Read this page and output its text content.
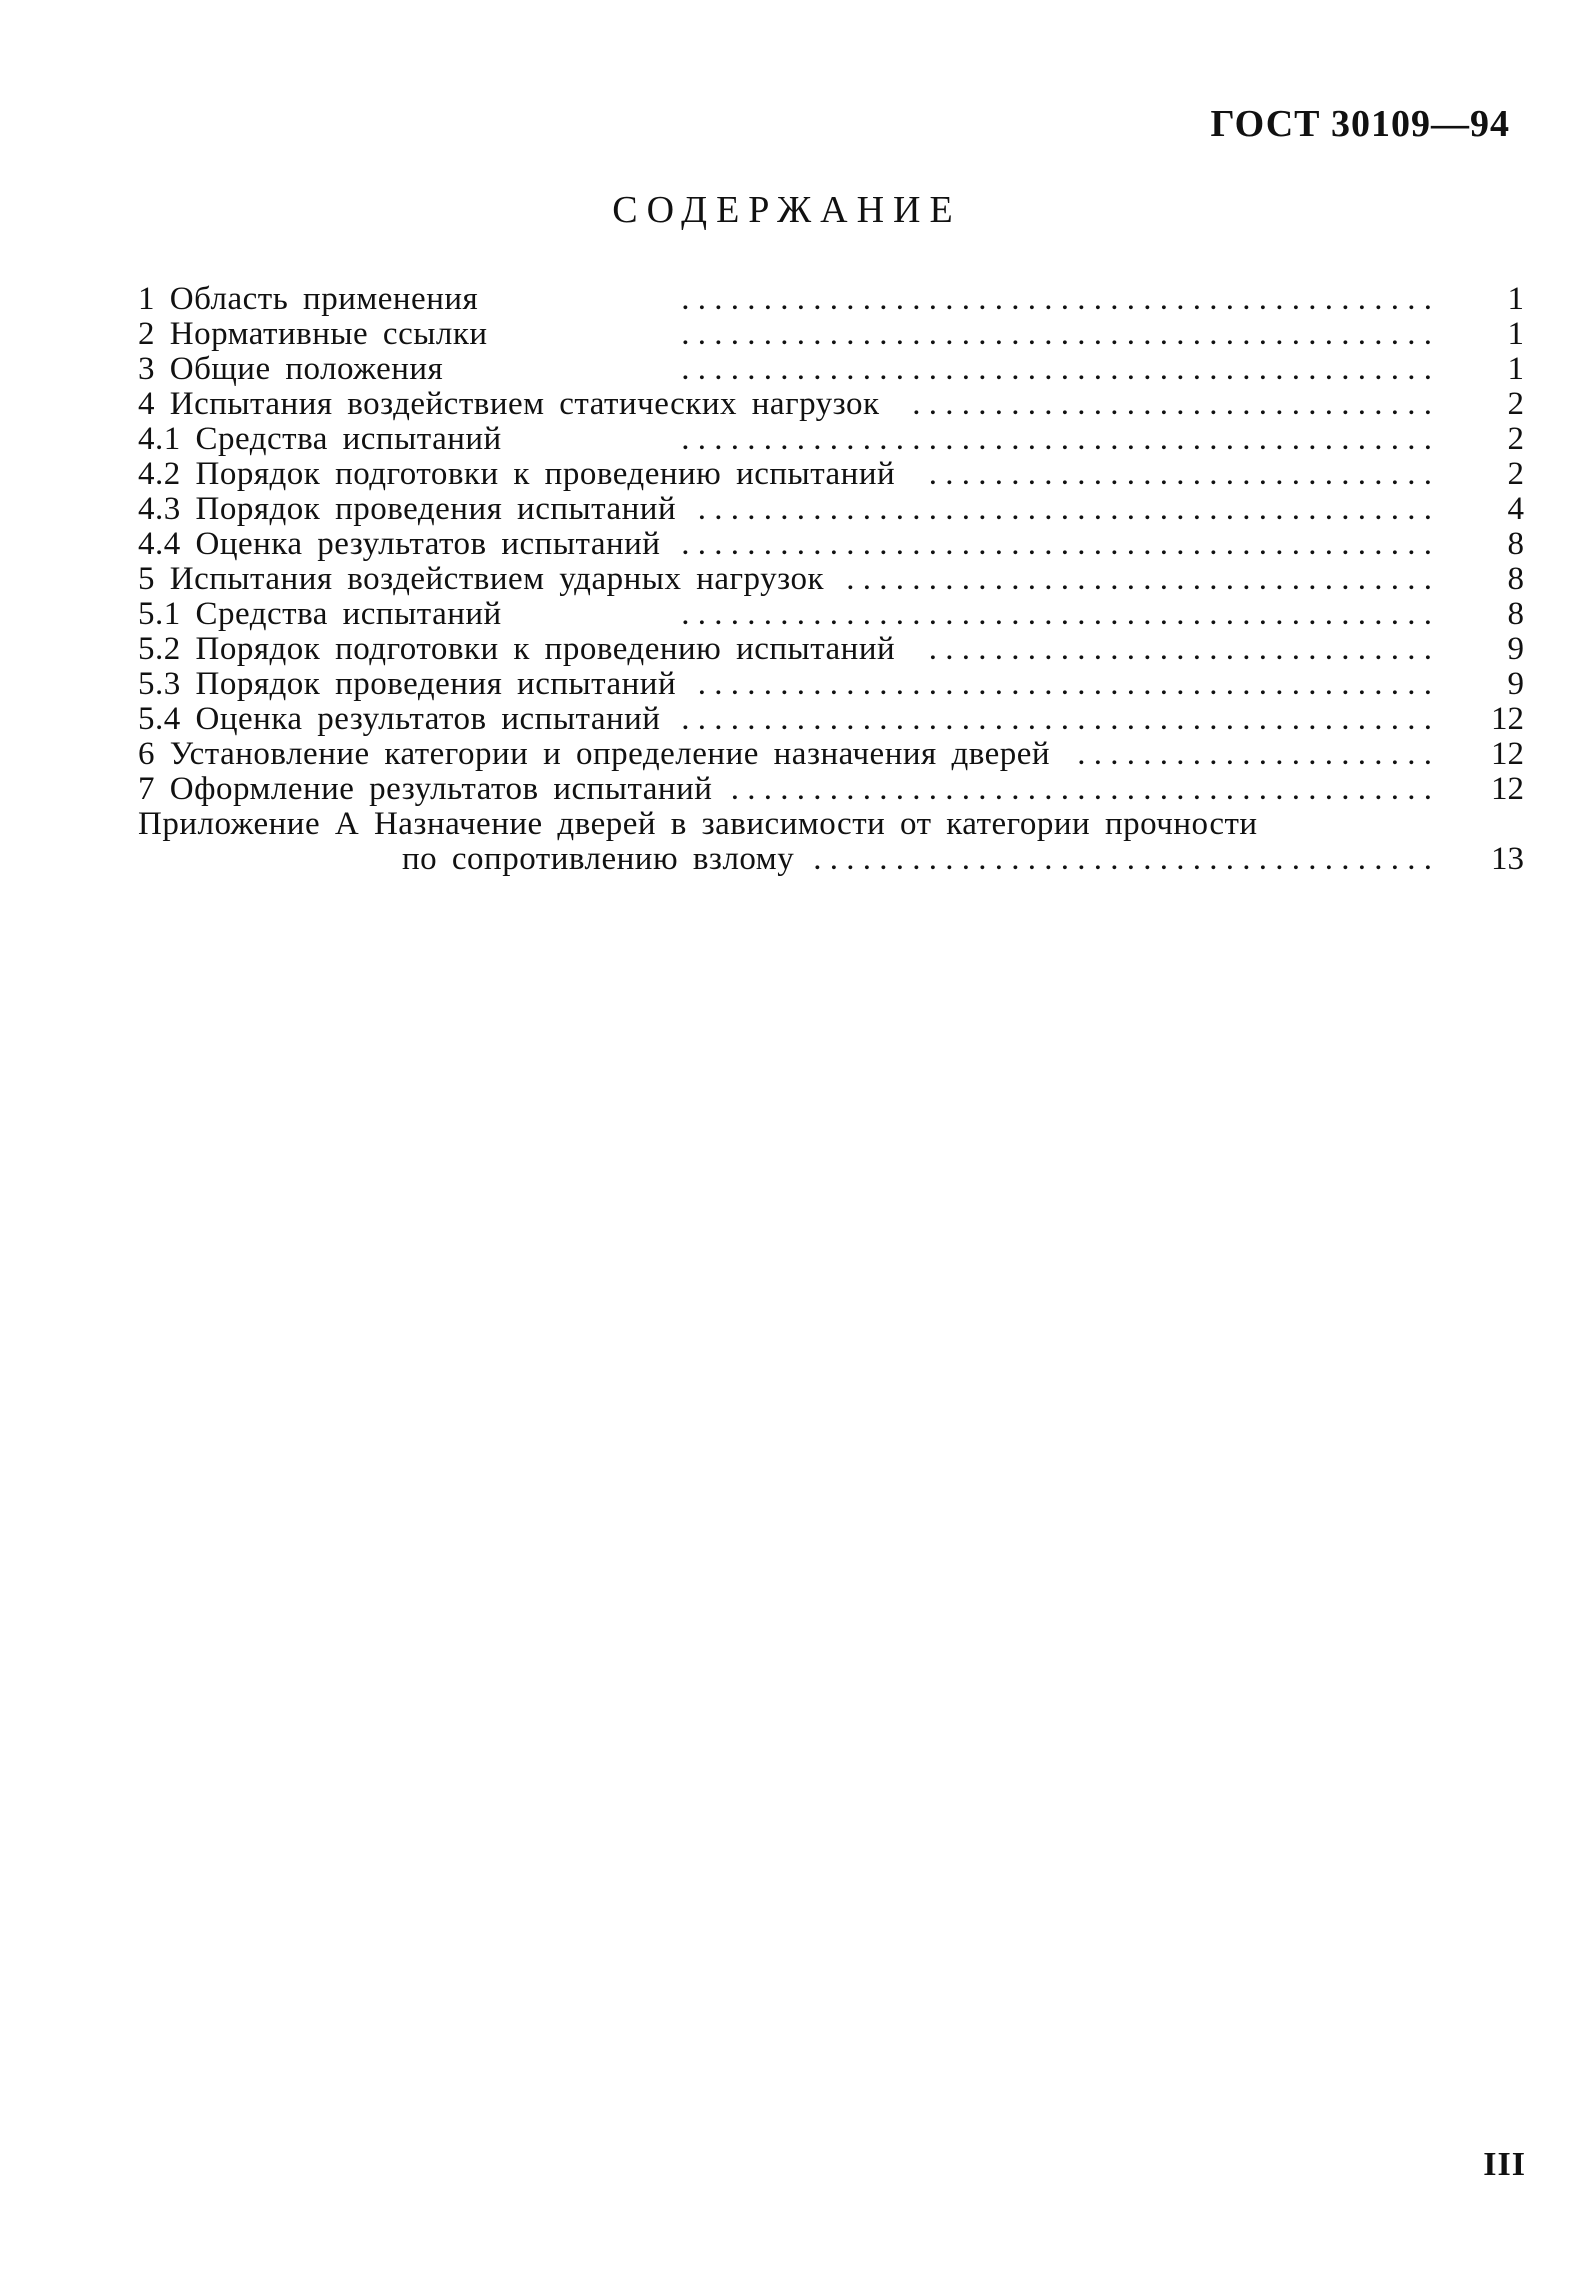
ГОСТ 30109—94
СОДЕРЖАНИЕ
1 Область применения	. . . . . . . . . . . . . . . . . . . . . . . . . . . . . . . . . . . . . . . . . . . . . .	1
2 Нормативные ссылки	. . . . . . . . . . . . . . . . . . . . . . . . . . . . . . . . . . . . . . . . . . . . . .	1
3 Общие положения	. . . . . . . . . . . . . . . . . . . . . . . . . . . . . . . . . . . . . . . . . . . . . .	1
4 Испытания воздействием статических нагрузок . . . . . . . . . . . . . . . . . . . . . . . . . . . . . . . .	2
4.1 Средства испытаний	. . . . . . . . . . . . . . . . . . . . . . . . . . . . . . . . . . . . . . . . . . . . . .	2
4.2 Порядок подготовки к проведению испытаний . . . . . . . . . . . . . . . . . . . . . . . . . . . . . . .	2
4.3 Порядок проведения испытаний . . . . . . . . . . . . . . . . . . . . . . . . . . . . . . . . . . . . . . . . . . . . .	4
4.4 Оценка результатов испытаний . . . . . . . . . . . . . . . . . . . . . . . . . . . . . . . . . . . . . . . . . . . . . .	8
5 Испытания воздействием ударных нагрузок . . . . . . . . . . . . . . . . . . . . . . . . . . . . . . . . . . . .	8
5.1 Средства испытаний	. . . . . . . . . . . . . . . . . . . . . . . . . . . . . . . . . . . . . . . . . . . . . .	8
5.2 Порядок подготовки к проведению испытаний . . . . . . . . . . . . . . . . . . . . . . . . . . . . . . .	9
5.3 Порядок проведения испытаний . . . . . . . . . . . . . . . . . . . . . . . . . . . . . . . . . . . . . . . . . . . . .	9
5.4 Оценка результатов испытаний . . . . . . . . . . . . . . . . . . . . . . . . . . . . . . . . . . . . . . . . . . . . . .	12
6 Установление категории и определение назначения дверей . . . . . . . . . . . . . . . . . . . . . .	12
7 Оформление результатов испытаний . . . . . . . . . . . . . . . . . . . . . . . . . . . . . . . . . . . . . . . . . . .	12
Приложение А Назначение дверей в зависимости от категории прочности
по сопротивлению взлому . . . . . . . . . . . . . . . . . . . . . . . . . . . . . . . . . . . . . .	13
III
